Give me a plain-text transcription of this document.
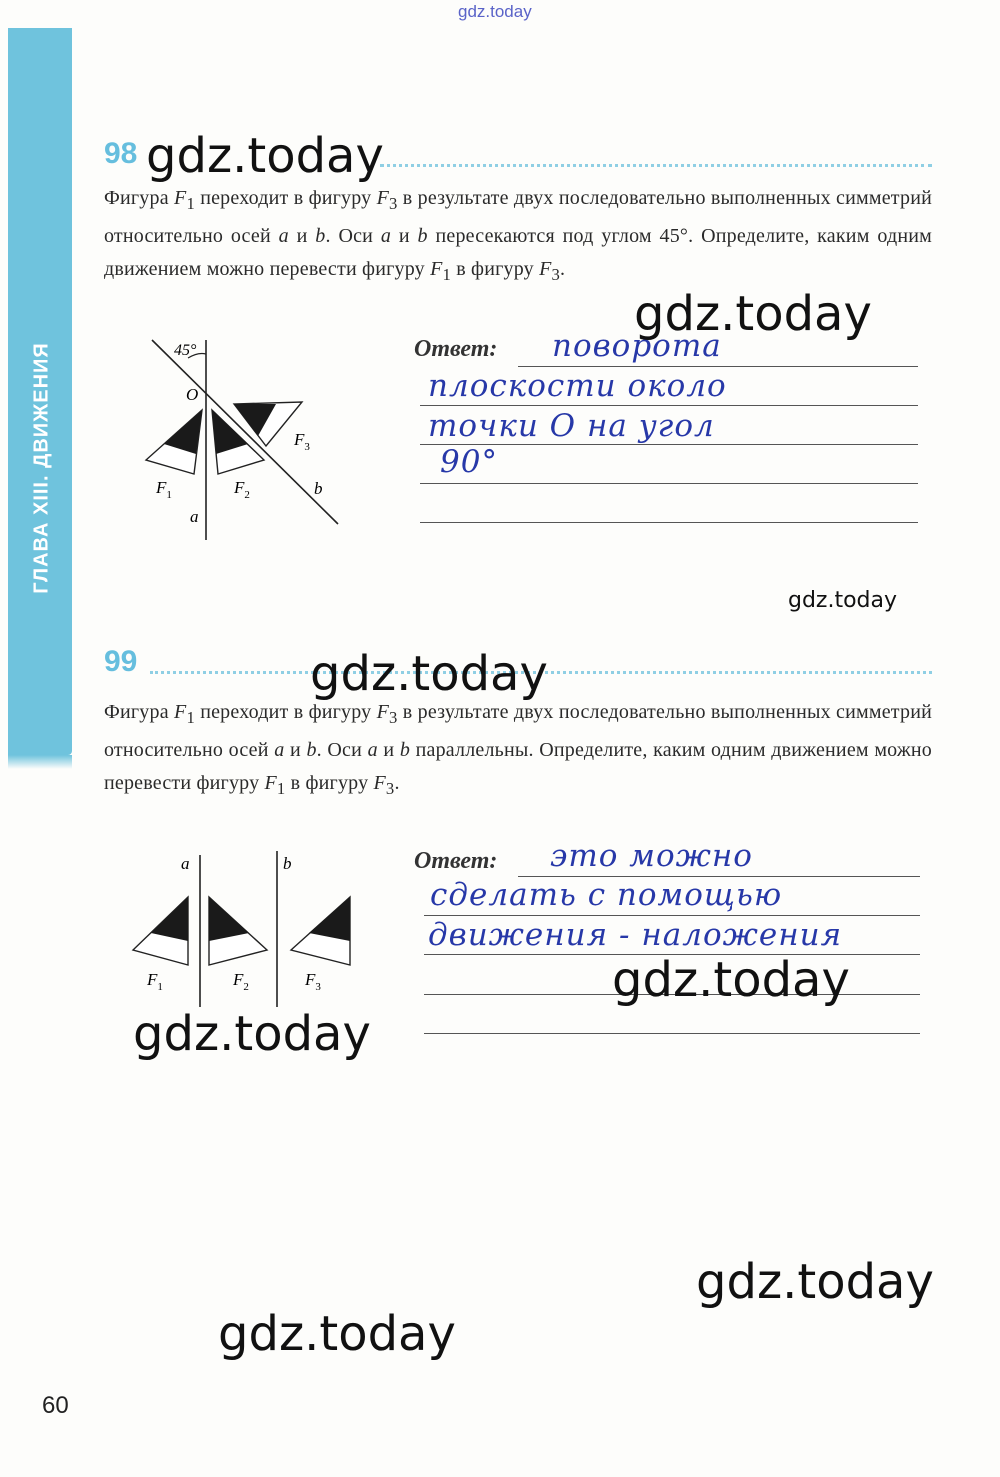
gdz.today
ГЛАВА XIII. ДВИЖЕНИЯ
98
Фигура $F_1$ переходит в фигуру $F_3$ в результате двух последовательно выполненных симметрий относительно осей a и b. Оси a и b пересекаются под углом 45°. Определите, каким одним движением можно перевести фигуру $F_1$ в фигуру $F_3$.
45°
O
$F_1$	$F_2$
$F_3$
a
b
Ответ: поворота
плоскости около
точки O на угол
90°
99
Фигура $F_1$ переходит в фигуру $F_3$ в результате двух последовательно выполненных симметрий относительно осей a и b. Оси a и b параллельны. Определите, каким одним движением можно перевести фигуру $F_1$ в фигуру $F_3$.
a	b
$F_1$	$F_2$	$F_3$
Ответ: это можно
сделать с помощью
движения - наложения
gdz.today
gdz.today
gdz.today
gdz.today
gdz.today
gdz.today
gdz.today
gdz.today
60
